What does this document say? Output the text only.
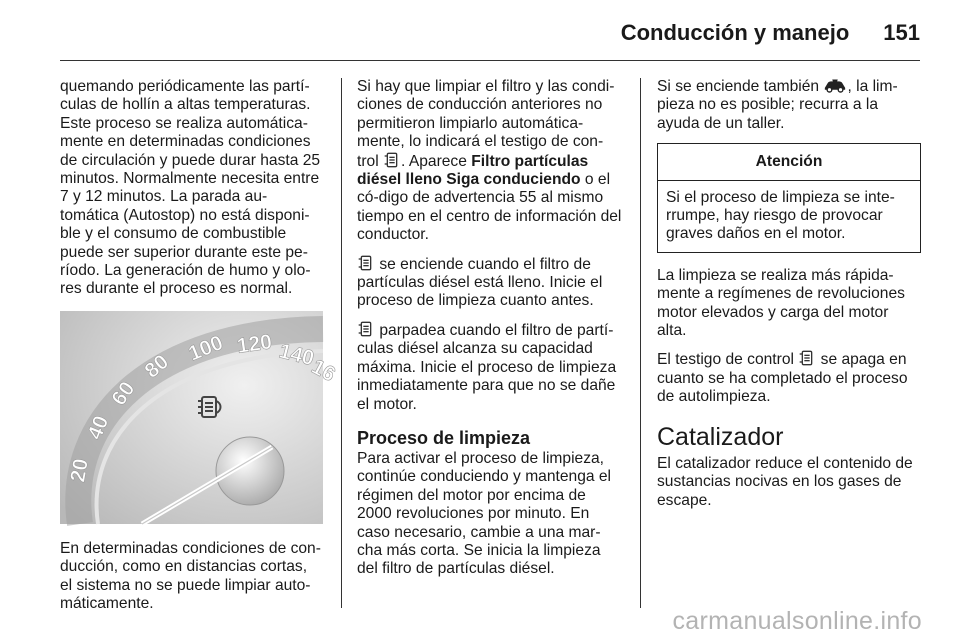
Conducción y manejo 151

quemando periódicamente las partí-culas de hollín a altas temperaturas. Este proceso se realiza automática-mente en determinadas condiciones de circulación y puede durar hasta 25 minutos. Normalmente necesita entre 7 y 12 minutos. La parada au-tomática (Autostop) no está disponi-ble y el consumo de combustible puede ser superior durante este pe-ríodo. La generación de humo y olo-res durante el proceso es normal.

20
40
60
80
100 120 140
16

En determinadas condiciones de con-ducción, como en distancias cortas, el sistema no se puede limpiar auto-máticamente.

Si hay que limpiar el filtro y las condi-ciones de conducción anteriores no permitieron limpiarlo automática-mente, lo indicará el testigo de con-trol . Aparece Filtro partículas diésel lleno Siga conduciendo o el có-digo de advertencia 55 al mismo tiempo en el centro de información del conductor.

se enciende cuando el filtro de partículas diésel está lleno. Inicie el proceso de limpieza cuanto antes.

parpadea cuando el filtro de partí-culas diésel alcanza su capacidad máxima. Inicie el proceso de limpieza inmediatamente para que no se dañe el motor.

Proceso de limpieza

Para activar el proceso de limpieza, continúe conduciendo y mantenga el régimen del motor por encima de 2000 revoluciones por minuto. En caso necesario, cambie a una mar-cha más corta. Se inicia la limpieza del filtro de partículas diésel.

Si se enciende también , la lim-pieza no es posible; recurra a la ayuda de un taller.

Atención
Si el proceso de limpieza se inte-rrumpe, hay riesgo de provocar graves daños en el motor.

La limpieza se realiza más rápida-mente a regímenes de revoluciones motor elevados y carga del motor alta.

El testigo de control se apaga en cuanto se ha completado el proceso de autolimpieza.

Catalizador

El catalizador reduce el contenido de sustancias nocivas en los gases de escape.

carmanualsonline.info
